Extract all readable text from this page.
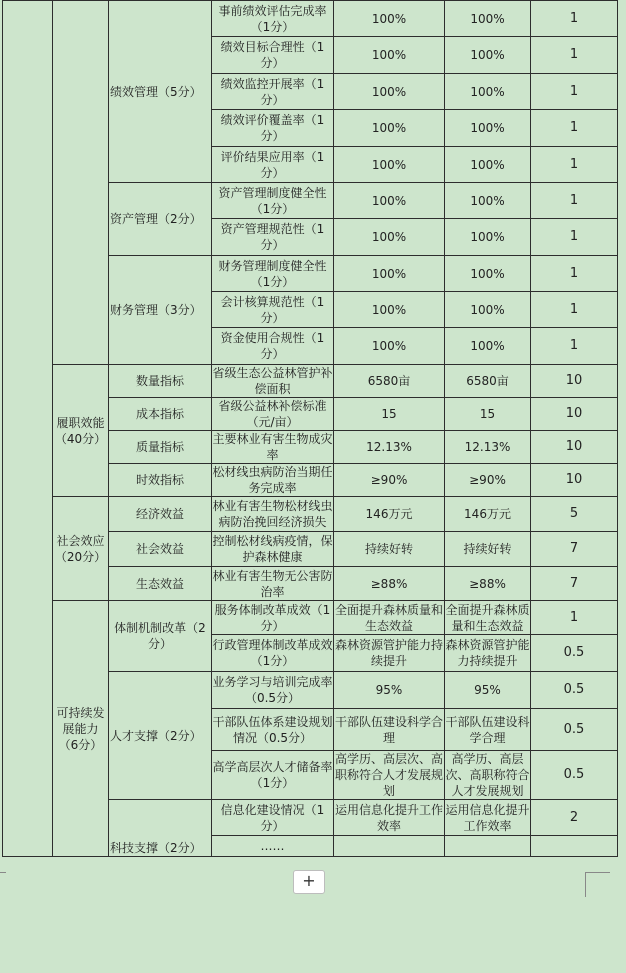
		绩效管理（5分）	事前绩效评估完成率（1分）	100%	100%	1
			绩效目标合理性（1分）	100%	100%	1
			绩效监控开展率（1分）	100%	100%	1
			绩效评价覆盖率（1分）	100%	100%	1
			评价结果应用率（1分）	100%	100%	1
		资产管理（2分）	资产管理制度健全性（1分）	100%	100%	1
			资产管理规范性（1分）	100%	100%	1
		财务管理（3分）	财务管理制度健全性（1分）	100%	100%	1
			会计核算规范性（1分）	100%	100%	1
			资金使用合规性（1分）	100%	100%	1
	履职效能（40分）	数量指标	省级生态公益林管护补偿面积	6580亩	6580亩	10
		成本指标	省级公益林补偿标准（元/亩）	15	15	10
		质量指标	主要林业有害生物成灾率	12.13%	12.13%	10
		时效指标	松材线虫病防治当期任务完成率	≥90%	≥90%	10
	社会效应（20分）	经济效益	林业有害生物松材线虫病防治挽回经济损失	146万元	146万元	5
		社会效益	控制松材线病疫情，保护森林健康	持续好转	持续好转	7
		生态效益	林业有害生物无公害防治率	≥88%	≥88%	7
	可持续发展能力（6分）	体制机制改革（2分）	服务体制改革成效（1分）	全面提升森林质量和生态效益	全面提升森林质量和生态效益	1
			行政管理体制改革成效（1分）	森林资源管护能力持续提升	森林资源管护能力持续提升	0.5
		人才支撑（2分）	业务学习与培训完成率（0.5分）	95%	95%	0.5
			干部队伍体系建设规划情况（0.5分）	干部队伍建设科学合理	干部队伍建设科学合理	0.5
			高学高层次人才储备率（1分）	高学历、高层次、高职称符合人才发展规划	高学历、高层次、高职称符合人才发展规划	0.5
		科技支撑（2分）	信息化建设情况（1分）	运用信息化提升工作效率	运用信息化提升工作效率	2
			……			
+
